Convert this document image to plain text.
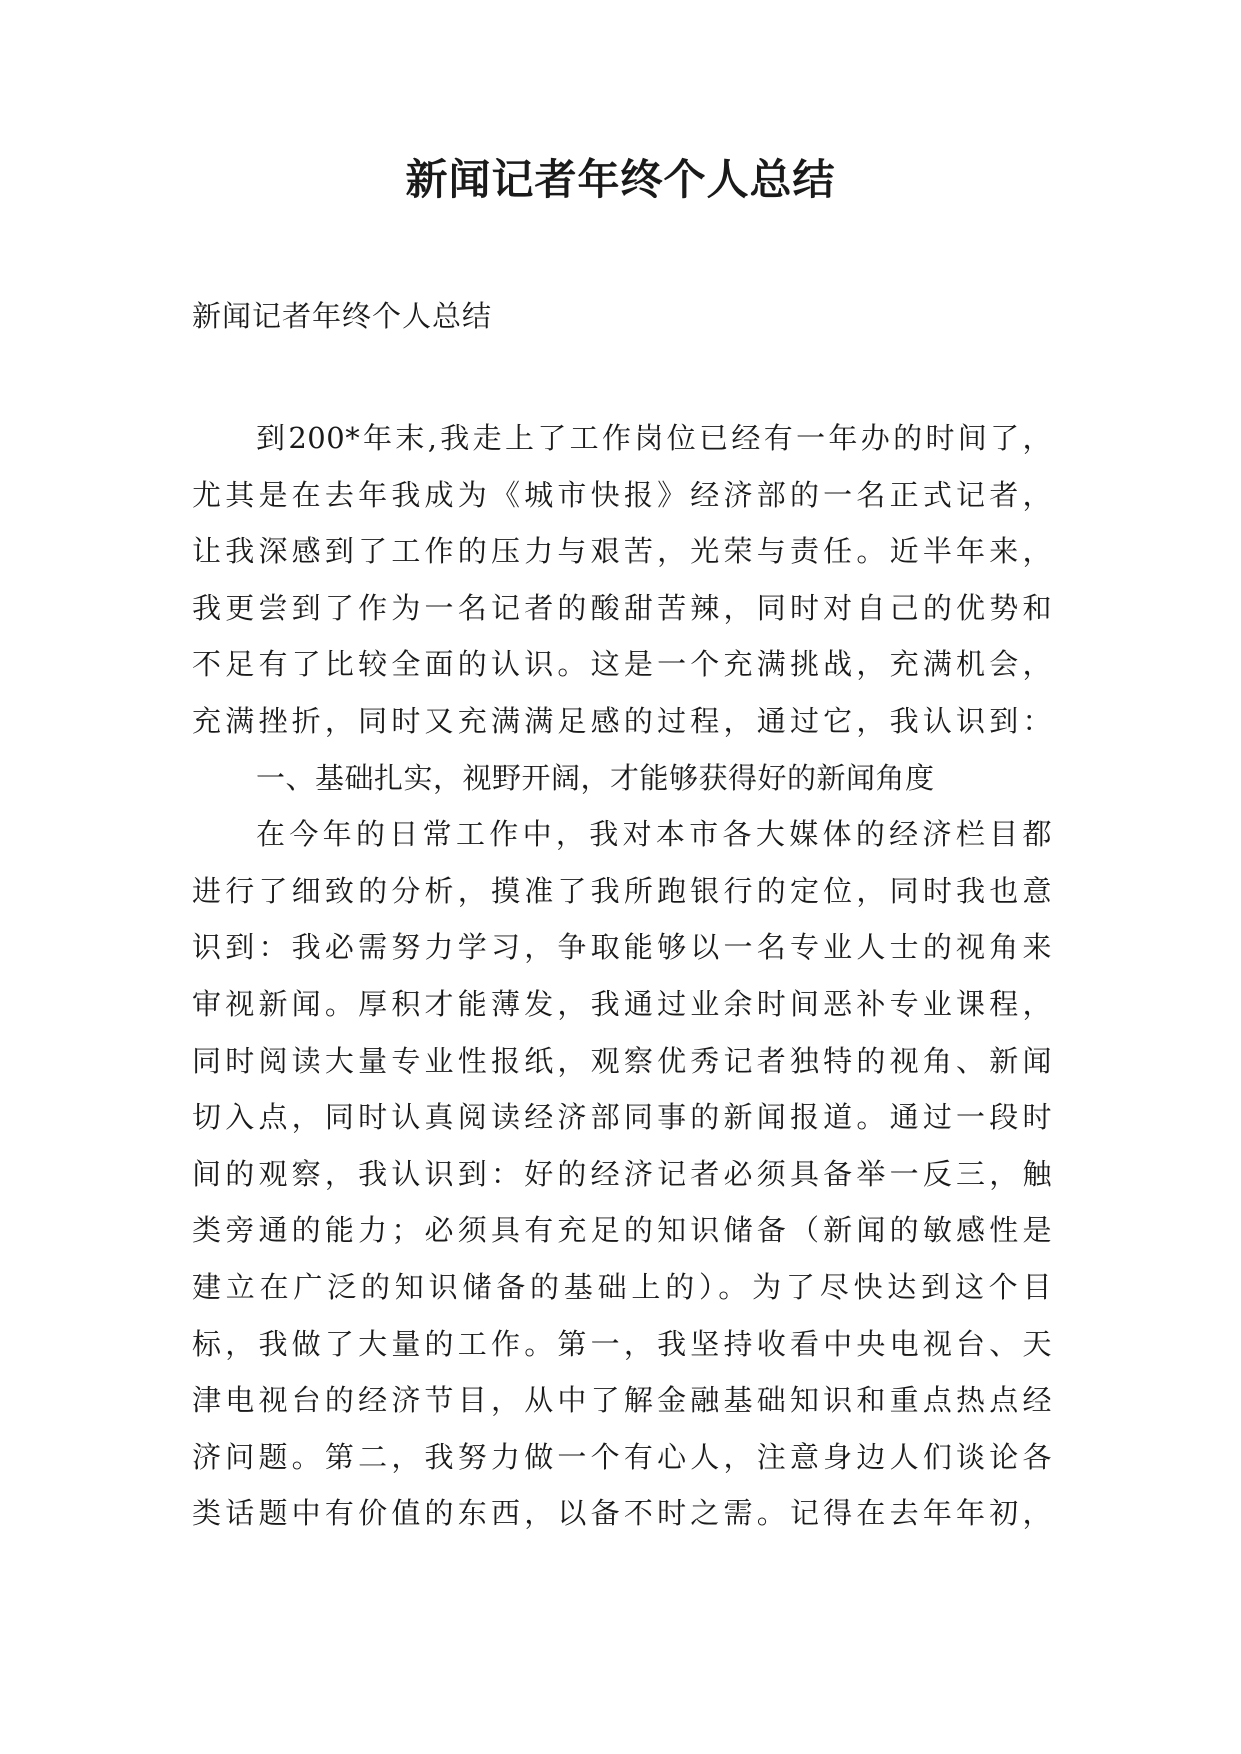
新闻记者年终个人总结

新闻记者年终个人总结

到200*年末,我走上了工作岗位已经有一年办的时间了，
尤其是在去年我成为《城市快报》经济部的一名正式记者，
让我深感到了工作的压力与艰苦，光荣与责任。近半年来，
我更尝到了作为一名记者的酸甜苦辣，同时对自己的优势和
不足有了比较全面的认识。这是一个充满挑战，充满机会，
充满挫折，同时又充满满足感的过程，通过它，我认识到：
一、基础扎实，视野开阔，才能够获得好的新闻角度
在今年的日常工作中，我对本市各大媒体的经济栏目都
进行了细致的分析，摸准了我所跑银行的定位，同时我也意
识到：我必需努力学习，争取能够以一名专业人士的视角来
审视新闻。厚积才能薄发，我通过业余时间恶补专业课程，
同时阅读大量专业性报纸，观察优秀记者独特的视角、新闻
切入点，同时认真阅读经济部同事的新闻报道。通过一段时
间的观察，我认识到：好的经济记者必须具备举一反三，触
类旁通的能力；必须具有充足的知识储备（新闻的敏感性是
建立在广泛的知识储备的基础上的）。为了尽快达到这个目
标，我做了大量的工作。第一，我坚持收看中央电视台、天
津电视台的经济节目，从中了解金融基础知识和重点热点经
济问题。第二，我努力做一个有心人，注意身边人们谈论各
类话题中有价值的东西，以备不时之需。记得在去年年初，
